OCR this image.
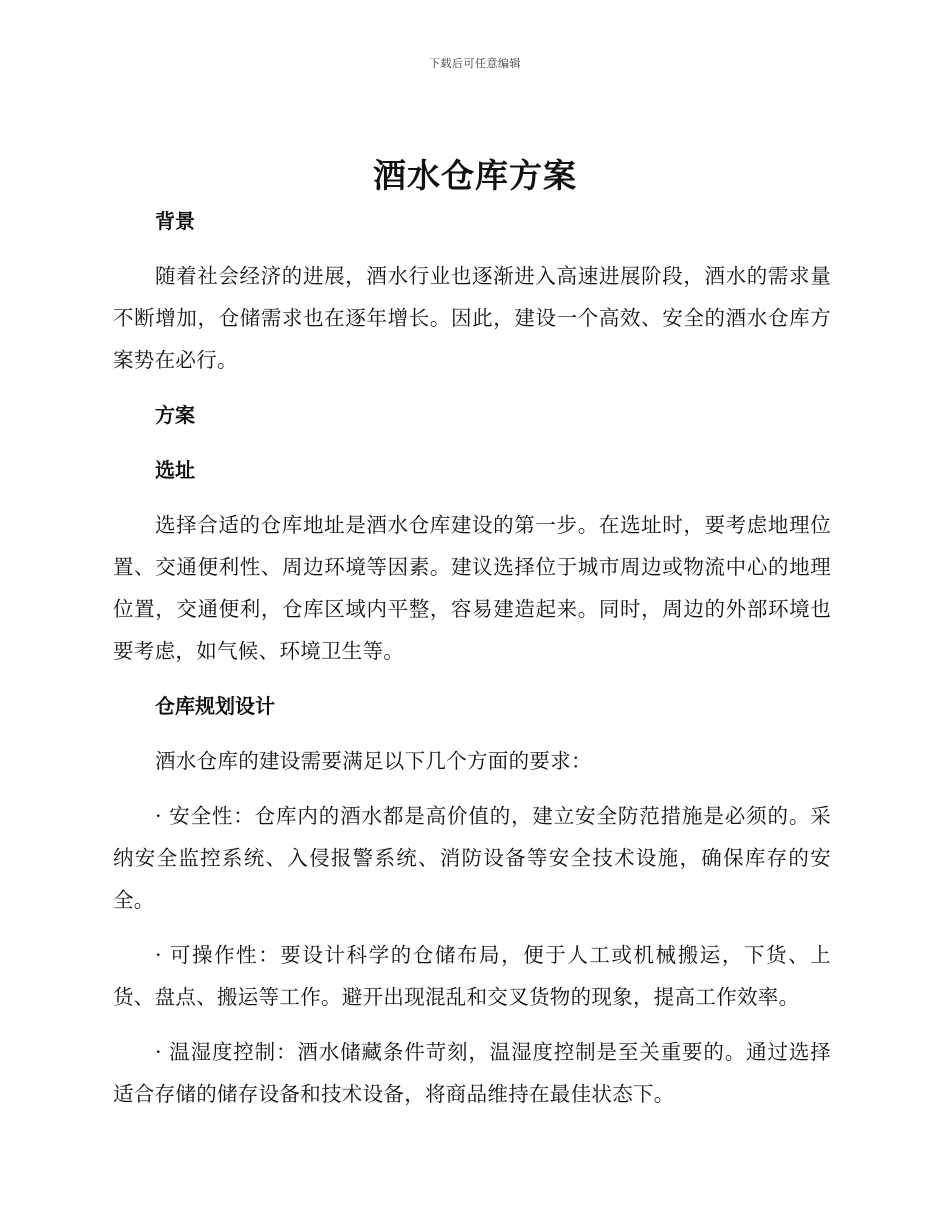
下载后可任意编辑
酒水仓库方案
背景
随着社会经济的进展，酒水行业也逐渐进入高速进展阶段，酒水的需求量不断增加，仓储需求也在逐年增长。因此，建设一个高效、安全的酒水仓库方案势在必行。
方案
选址
选择合适的仓库地址是酒水仓库建设的第一步。在选址时，要考虑地理位置、交通便利性、周边环境等因素。建议选择位于城市周边或物流中心的地理位置，交通便利，仓库区域内平整，容易建造起来。同时，周边的外部环境也要考虑，如气候、环境卫生等。
仓库规划设计
酒水仓库的建设需要满足以下几个方面的要求：
· 安全性：仓库内的酒水都是高价值的，建立安全防范措施是必须的。采纳安全监控系统、入侵报警系统、消防设备等安全技术设施，确保库存的安全。
· 可操作性：要设计科学的仓储布局，便于人工或机械搬运，下货、上货、盘点、搬运等工作。避开出现混乱和交叉货物的现象，提高工作效率。
· 温湿度控制：酒水储藏条件苛刻，温湿度控制是至关重要的。通过选择适合存储的储存设备和技术设备，将商品维持在最佳状态下。
